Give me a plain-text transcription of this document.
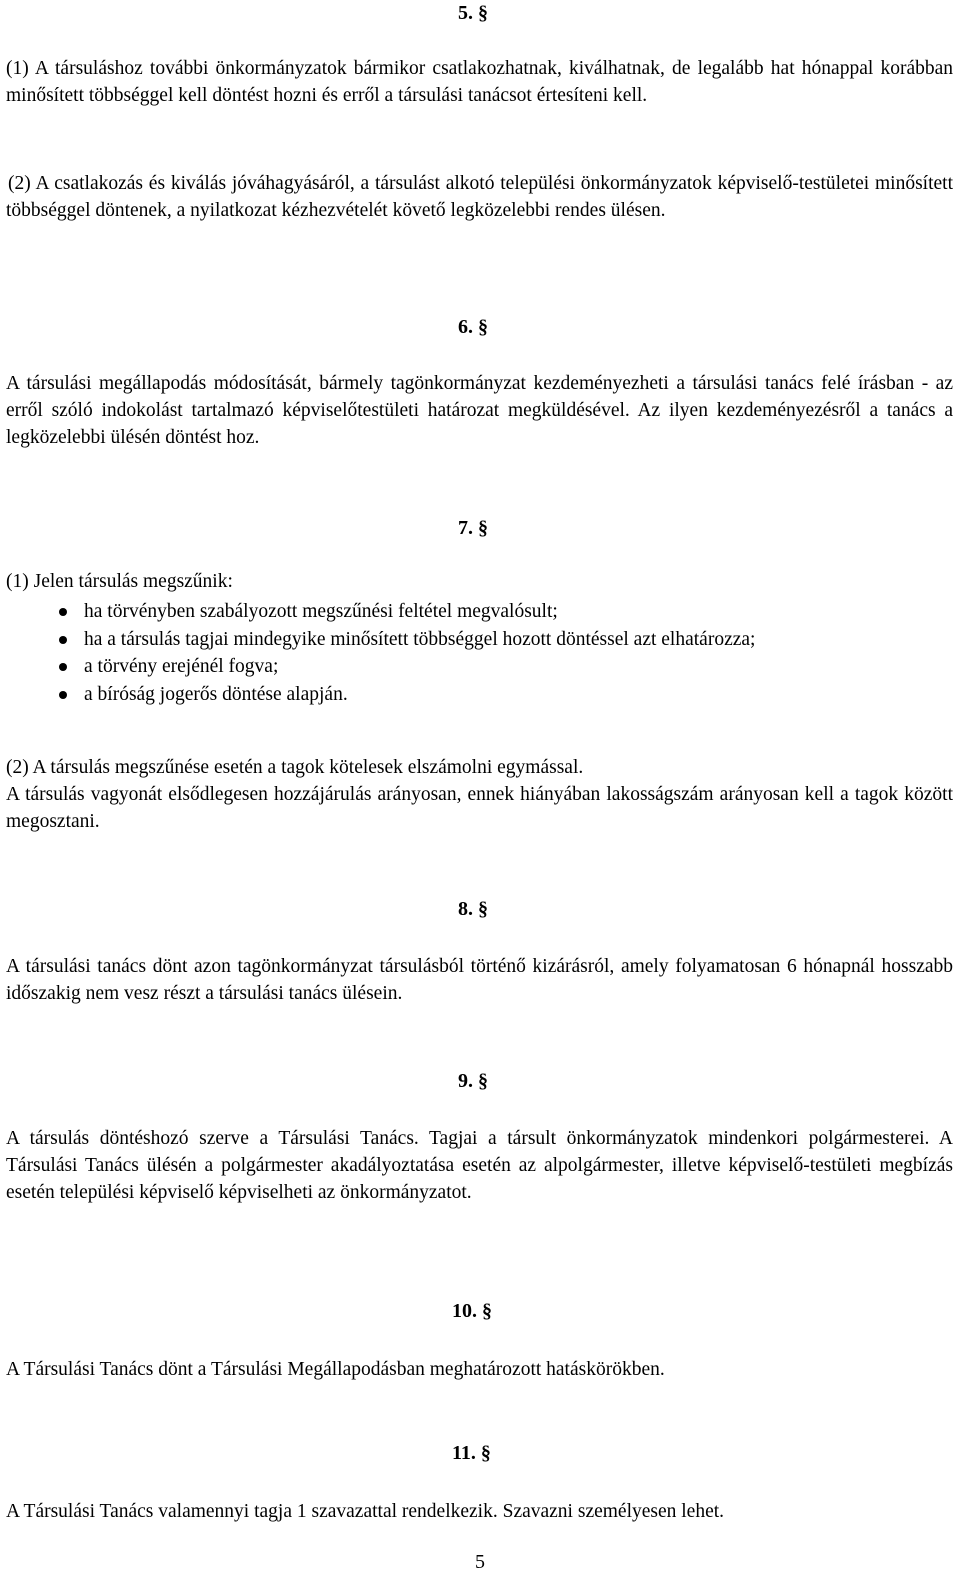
5. §

(1) A társuláshoz további önkormányzatok bármikor csatlakozhatnak, kiválhatnak, de legalább hat hónappal korábban minősített többséggel kell döntést hozni és erről a társulási tanácsot értesíteni kell.

(2) A csatlakozás és kiválás jóváhagyásáról, a társulást alkotó települési önkormányzatok képviselő-testületei minősített többséggel döntenek, a nyilatkozat kézhezvételét követő legközelebbi rendes ülésen.

6. §

A társulási megállapodás módosítását, bármely tagönkormányzat kezdeményezheti a társulási tanács felé írásban - az erről szóló indokolást tartalmazó képviselőtestületi határozat megküldésével. Az ilyen kezdeményezésről a tanács a legközelebbi ülésén döntést hoz.

7. §

(1) Jelen társulás megszűnik:

ha törvényben szabályozott megszűnési feltétel megvalósult;
ha a társulás tagjai mindegyike minősített többséggel hozott döntéssel azt elhatározza;
a törvény erejénél fogva;
a bíróság jogerős döntése alapján.

(2) A társulás megszűnése esetén a tagok kötelesek elszámolni egymással.

A társulás vagyonát elsődlegesen hozzájárulás arányosan, ennek hiányában lakosságszám arányosan kell a tagok között megosztani.

8. §

A társulási tanács dönt azon tagönkormányzat társulásból történő kizárásról, amely folyamatosan 6 hónapnál hosszabb időszakig nem vesz részt a társulási tanács ülésein.

9. §

A társulás döntéshozó szerve a Társulási Tanács. Tagjai a társult önkormányzatok mindenkori polgármesterei. A Társulási Tanács ülésén a polgármester akadályoztatása esetén az alpolgármester, illetve képviselő-testületi megbízás esetén települési képviselő képviselheti az önkormányzatot.

10. §

A Társulási Tanács dönt a Társulási Megállapodásban meghatározott hatáskörökben.

11. §

A Társulási Tanács valamennyi tagja 1 szavazattal rendelkezik. Szavazni személyesen lehet.

5
